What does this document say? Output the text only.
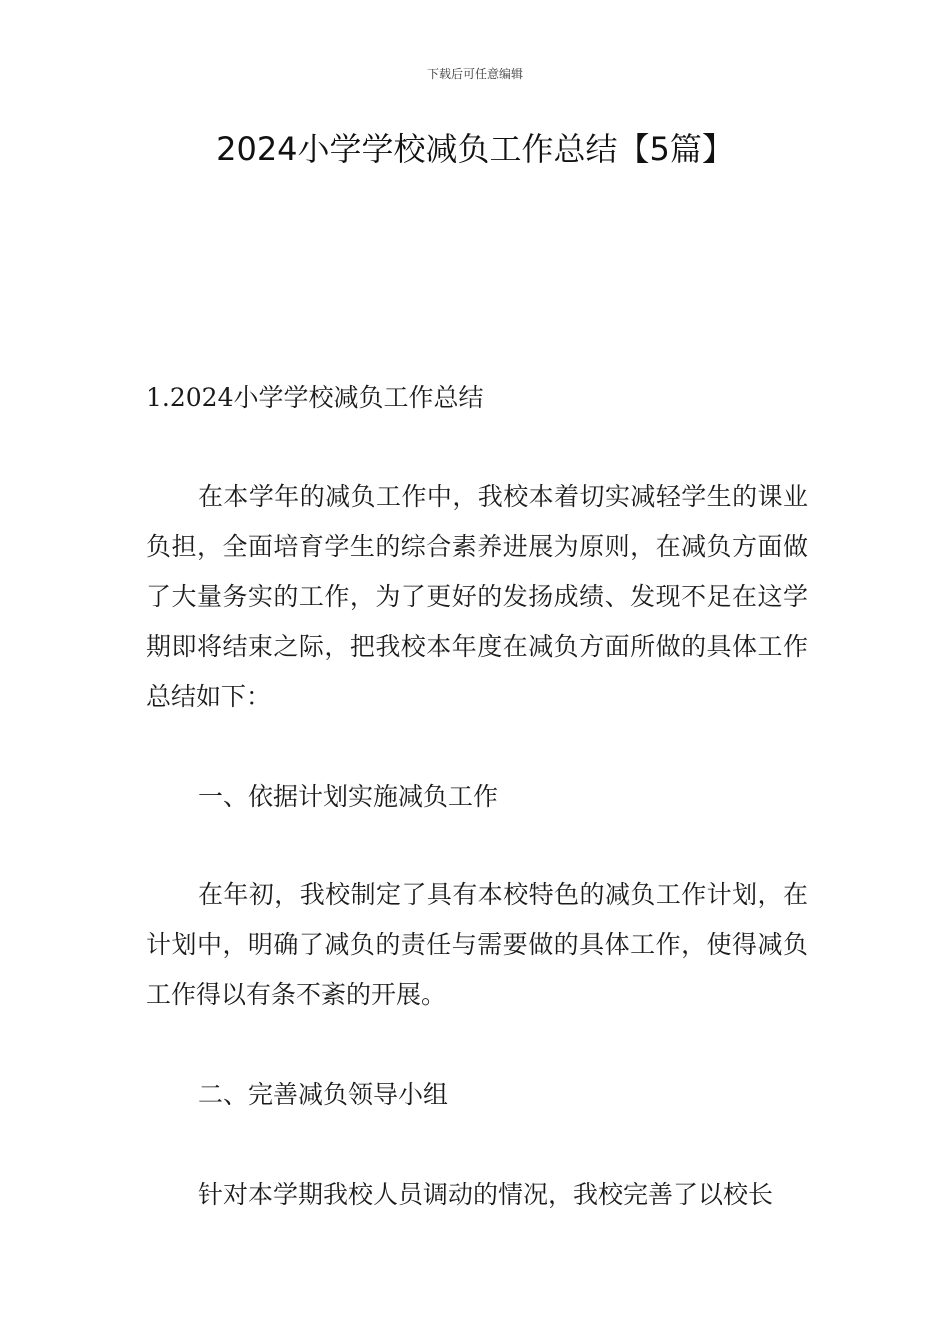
下载后可任意编辑
2024小学学校减负工作总结【5篇】
1.2024小学学校减负工作总结
在本学年的减负工作中，我校本着切实减轻学生的课业负担，全面培育学生的综合素养进展为原则，在减负方面做了大量务实的工作，为了更好的发扬成绩、发现不足在这学期即将结束之际，把我校本年度在减负方面所做的具体工作总结如下：
一、依据计划实施减负工作
在年初，我校制定了具有本校特色的减负工作计划，在计划中，明确了减负的责任与需要做的具体工作，使得减负工作得以有条不紊的开展。
二、完善减负领导小组
针对本学期我校人员调动的情况，我校完善了以校长
